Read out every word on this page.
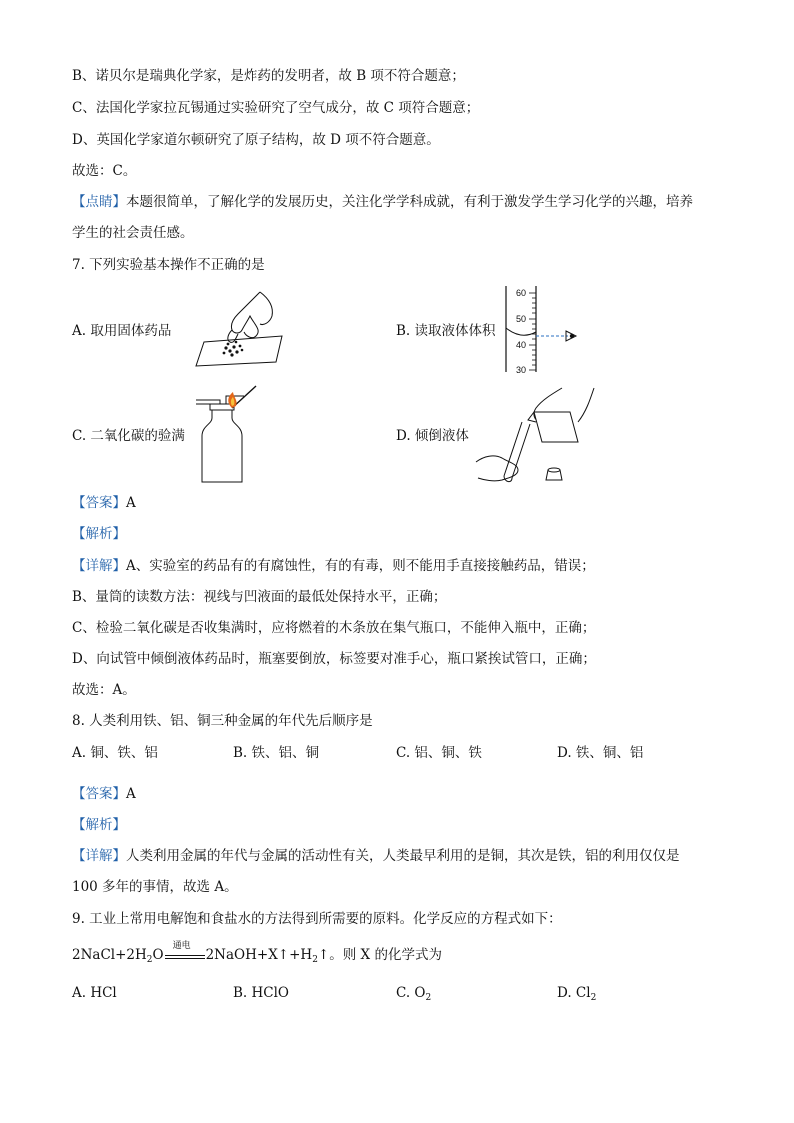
B、诺贝尔是瑞典化学家，是炸药的发明者，故 B 项不符合题意；
C、法国化学家拉瓦锡通过实验研究了空气成分，故 C 项符合题意；
D、英国化学家道尔顿研究了原子结构，故 D 项不符合题意。
故选：C。
【点睛】本题很简单，了解化学的发展历史，关注化学学科成就，有利于激发学生学习化学的兴趣，培养
学生的社会责任感。
7. 下列实验基本操作不正确的是
A. 取用固体药品	B. 读取液体体积
60
50
40
30
C. 二氧化碳的验满	D. 倾倒液体
【答案】A
【解析】
【详解】A、实验室的药品有的有腐蚀性，有的有毒，则不能用手直接接触药品，错误；
B、量筒的读数方法：视线与凹液面的最低处保持水平，正确；
C、检验二氧化碳是否收集满时，应将燃着的木条放在集气瓶口，不能伸入瓶中，正确；
D、向试管中倾倒液体药品时，瓶塞要倒放，标签要对准手心，瓶口紧挨试管口，正确；
故选：A。
8. 人类利用铁、铝、铜三种金属的年代先后顺序是
A. 铜、铁、铝	B. 铁、铝、铜	C. 铝、铜、铁	D. 铁、铜、铝
【答案】A
【解析】
【详解】人类利用金属的年代与金属的活动性有关，人类最早利用的是铜，其次是铁，铝的利用仅仅是
100 多年的事情，故选 A。
9. 工业上常用电解饱和食盐水的方法得到所需要的原料。化学反应的方程式如下：
$2NaCl+2H_2O$
通电
$2NaOH+X↑+H_2↑$。则 X 的化学式为
A. HCl	B. HClO	C. $O_2$	D. $Cl_2$
